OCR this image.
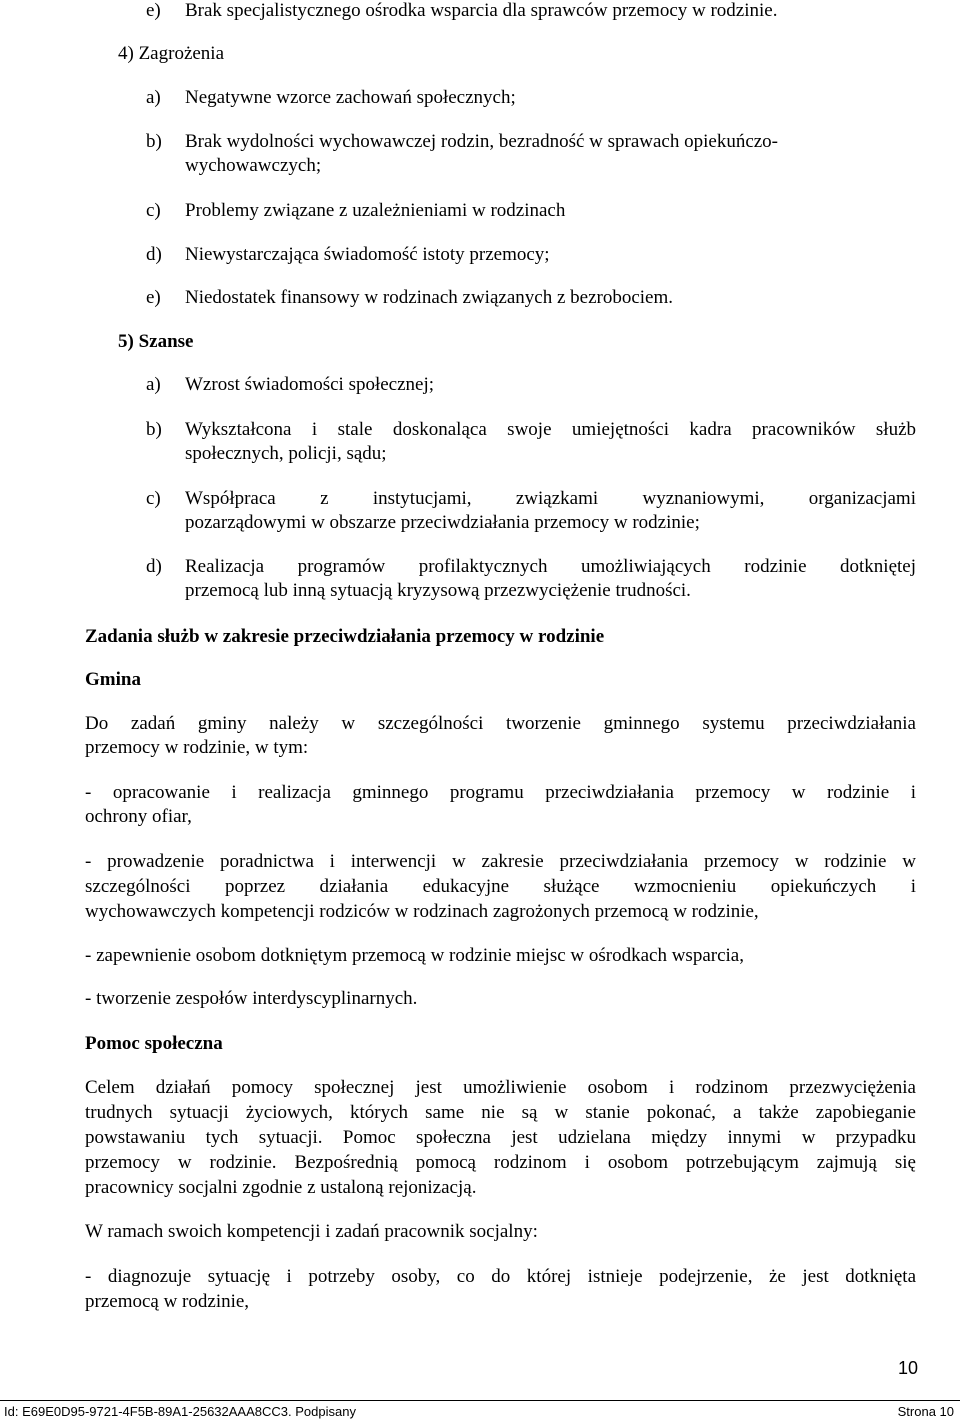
e) Brak specjalistycznego ośrodka wsparcia dla sprawców przemocy w rodzinie.
4) Zagrożenia
a) Negatywne wzorce zachowań społecznych;
b) Brak wydolności wychowawczej rodzin, bezradność w sprawach opiekuńczo-
wychowawczych;
c) Problemy związane z uzależnieniami w rodzinach
d) Niewystarczająca świadomość istoty przemocy;
e) Niedostatek finansowy w rodzinach związanych z bezrobociem.
5) Szanse
a) Wzrost świadomości społecznej;
b) Wykształcona i stale doskonaląca swoje umiejętności kadra pracowników służb
społecznych, policji, sądu;
c) Współpraca z instytucjami, związkami wyznaniowymi, organizacjami
pozarządowymi w obszarze przeciwdziałania przemocy w rodzinie;
d) Realizacja programów profilaktycznych umożliwiających rodzinie dotkniętej
przemocą lub inną sytuacją kryzysową przezwyciężenie trudności.
Zadania służb w zakresie przeciwdziałania przemocy w rodzinie
Gmina
Do zadań gminy należy w szczególności tworzenie gminnego systemu przeciwdziałania
przemocy w rodzinie, w tym:
- opracowanie i realizacja gminnego programu przeciwdziałania przemocy w rodzinie i
ochrony ofiar,
- prowadzenie poradnictwa i interwencji w zakresie przeciwdziałania przemocy w rodzinie w
szczególności poprzez działania edukacyjne służące wzmocnieniu opiekuńczych i
wychowawczych kompetencji rodziców w rodzinach zagrożonych przemocą w rodzinie,
- zapewnienie osobom dotkniętym przemocą w rodzinie miejsc w ośrodkach wsparcia,
- tworzenie zespołów interdyscyplinarnych.
Pomoc społeczna
Celem działań pomocy społecznej jest umożliwienie osobom i rodzinom przezwyciężenia
trudnych sytuacji życiowych, których same nie są w stanie pokonać, a także zapobieganie
powstawaniu tych sytuacji. Pomoc społeczna jest udzielana między innymi w przypadku
przemocy w rodzinie. Bezpośrednią pomocą rodzinom i osobom potrzebującym zajmują się
pracownicy socjalni zgodnie z ustaloną rejonizacją.
W ramach swoich kompetencji i zadań pracownik socjalny:
- diagnozuje sytuację i potrzeby osoby, co do której istnieje podejrzenie, że jest dotknięta
przemocą w rodzinie,
10
Id: E69E0D95-9721-4F5B-89A1-25632AAA8CC3. Podpisany	Strona 10
